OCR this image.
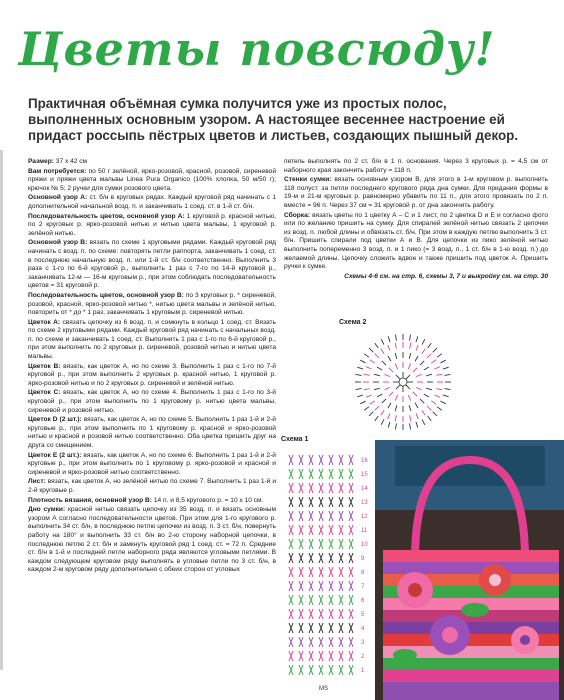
Цветы повсюду!
Практичная объёмная сумка получится уже из простых полос, выполненных основным узором. А настоящее весеннее настроение ей придаст россыпь пёстрых цветов и листьев, создающих пышный декор.

Размер: 37 x 42 см

Вам потребуется: по 50 г зелёной, ярко-розовой, красной, розовой, сиреневой пряжи и пряжи цвета мальвы Linea Pura Organico (100% хлопка, 50 м/50 г); крючок № 5; 2 ручки для сумки розового цвета.

Основной узор А: ст. б/н в круговых рядах. Каждый круговой ряд начинать с 1 дополнительной начальной возд. п. и заканчивать 1 соед. ст. в 1-й ст. б/н.

Последовательность цветов, основной узор А: 1 круговой р. красной нитью, по 2 круговых р. ярко-розовой нитью и нитью цвета мальвы, 1 круговой р. зелёной нитью.

Основной узор В: вязать по схеме 1 круговыми рядами. Каждый круговой ряд начинать с возд. п. по схеме: повторять петли раппорта, заканчивать 1 соед. ст. в последнюю начальную возд. п. или 1-й ст. б/н соответственно. Выполнить 3 раза с 1-го по 6-й круговой р., выполнить 1 раз с 7-го по 14-й круговой р., заканчивать 12-м — 16-м круговым р., при этом соблюдать последовательность цветов = 31 круговой р.

Последовательность цветов, основной узор В: по 3 круговых р. * сиреневой, розовой, красной, ярко-розовой нитью *, нитью цвета мальвы и зелёной нитью, повторить от * до * 1 раз, заканчивать 1 круговым р. сиреневой нитью.

Цветок А: связать цепочку из 6 возд. п. и сомкнуть в кольцо 1 соед. ст. Вязать по схеме 2 круговыми рядами. Каждый круговой ряд начинать с начальных возд. п. по схеме и заканчивать 1 соед. ст. Выполнить 1 раз с 1-го по 6-й круговой р., при этом выполнить по 2 круговых р. сиреневой, розовой нитью и нитью цвета мальвы.

Цветок В: вязать, как цветок А, но по схеме 3. Выполнить 1 раз с 1-го по 7-й круговой р., при этом выполнить 2 круговых р. красной нитью, 1 круговой р. ярко-розовой нитью и по 2 круговых р. сиреневой и зелёной нитью.

Цветок С: вязать, как цветок А, но по схеме 4. Выполнить 1 раз с 1-го по 3-й круговой р., при этом выполнить по 1 круговому р. нитью цвета мальвы, сиреневой и розовой нитью.

Цветок D (2 шт.): вязать, как цветок А, но по схеме 5. Выполнить 1 раз 1-й и 2-й круговые р., при этом выполнить по 1 круговому р. красной и ярко-розовой нитью и красной и розовой нитью соответственно. Оба цветка пришить друг на друга со смещением.

Цветок Е (2 шт.): вязать, как цветок А, но по схеме 6. Выполнить 1 раз 1-й и 2-й круговые р., при этом выполнить по 1 круговому р. ярко-розовой и красной и сиреневой и ярко-розовой нитью соответственно.

Лист: вязать, как цветок А, но зелёной нитью по схеме 7. Выполнить 1 раз 1-й и 2-й круговые р.

Плотность вязания, основной узор В: 14 п. и 8,5 кругового р. = 10 x 10 см.

Дно сумки: красной нитью связать цепочку из 35 возд. п. и вязать основным узором А согласно последовательности цветов. При этом для 1-го кругового р. выполнить 34 ст. б/н, в последнюю петлю цепочки из возд. п. 3 ст. б/н, повернуть работу на 180° и выполнить 33 ст. б/н во 2-ю сторону наборной цепочки, в последнюю петлю 2 ст. б/н и замкнуть круговой ряд 1 соед. ст. = 72 п. Средние ст. б/н в 1-й и последней петле наборного ряда являются угловыми петлями. В каждом следующем круговом ряду выполнять в угловые петли по 3 ст. б/н, в каждом 2-м круговом ряду дополнительно с обеих сторон от угловых

петель выполнять по 2 ст. б/н в 1 п. основания. Через 3 круговых р. = 4,5 см от наборного края закончить работу = 118 п.

Стенки сумки: вязать основным узором В, для этого в 1-м круговом р. выполнить 118 полуст. за петли последнего кругового ряда дна сумки. Для придания формы в 19-м и 21-м круговых р. равномерно убавить по 11 п., для этого провязать по 2 п. вместе = 96 п. Через 37 см = 31 круговой р. от дна закончить работу.

Сборка: вязать цветы по 1 цветку А – С и 1 лист, по 2 цветка D и Е и согласно фото или по желанию пришить на сумку. Для спиралей зелёной нитью связать 2 цепочки из возд. п. любой длины и обвязать ст. б/н. При этом в каждую петлю выполнить 3 ст. б/н. Пришить спирали под цветки А и В. Для цепочки из пико зелёной нитью выполнить попеременно 3 возд. п. и 1 пико (= 3 возд. п., 1 ст. б/н в 1-ю возд. п.) до желаемой длины. Цепочку сложить вдвое и также пришить под цветок А. Пришить ручки к сумке.

Схемы 4-6 см. на стр. 6, схемы 3, 7 и выкройку см. на стр. 30

Схема 2
Схема 1
16
15
14
13
12
11
10
9
8
7
6
5
4
3
2
1
MS
